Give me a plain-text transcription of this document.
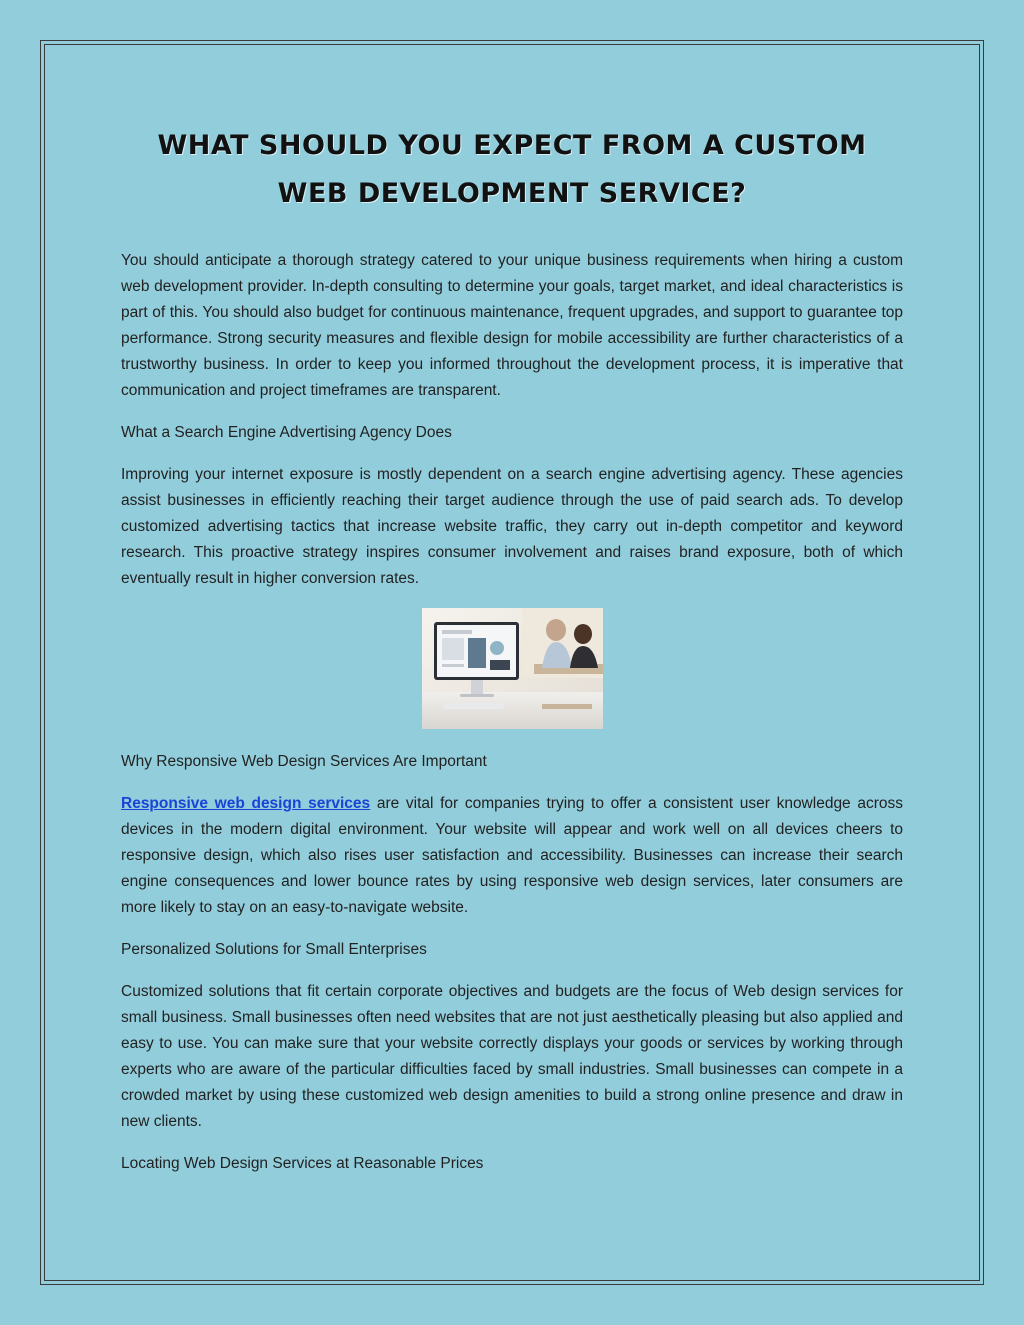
WHAT SHOULD YOU EXPECT FROM A CUSTOM
WEB DEVELOPMENT SERVICE?

You should anticipate a thorough strategy catered to your unique business requirements when hiring a custom web development provider. In-depth consulting to determine your goals, target market, and ideal characteristics is part of this. You should also budget for continuous maintenance, frequent upgrades, and support to guarantee top performance. Strong security measures and flexible design for mobile accessibility are further characteristics of a trustworthy business. In order to keep you informed throughout the development process, it is imperative that communication and project timeframes are transparent.

What a Search Engine Advertising Agency Does

Improving your internet exposure is mostly dependent on a search engine advertising agency. These agencies assist businesses in efficiently reaching their target audience through the use of paid search ads. To develop customized advertising tactics that increase website traffic, they carry out in-depth competitor and keyword research. This proactive strategy inspires consumer involvement and raises brand exposure, both of which eventually result in higher conversion rates.

Why Responsive Web Design Services Are Important

Responsive web design services are vital for companies trying to offer a consistent user knowledge across devices in the modern digital environment. Your website will appear and work well on all devices cheers to responsive design, which also rises user satisfaction and accessibility. Businesses can increase their search engine consequences and lower bounce rates by using responsive web design services, later consumers are more likely to stay on an easy-to-navigate website.

Personalized Solutions for Small Enterprises

Customized solutions that fit certain corporate objectives and budgets are the focus of Web design services for small business. Small businesses often need websites that are not just aesthetically pleasing but also applied and easy to use. You can make sure that your website correctly displays your goods or services by working through experts who are aware of the particular difficulties faced by small industries. Small businesses can compete in a crowded market by using these customized web design amenities to build a strong online presence and draw in new clients.

Locating Web Design Services at Reasonable Prices
